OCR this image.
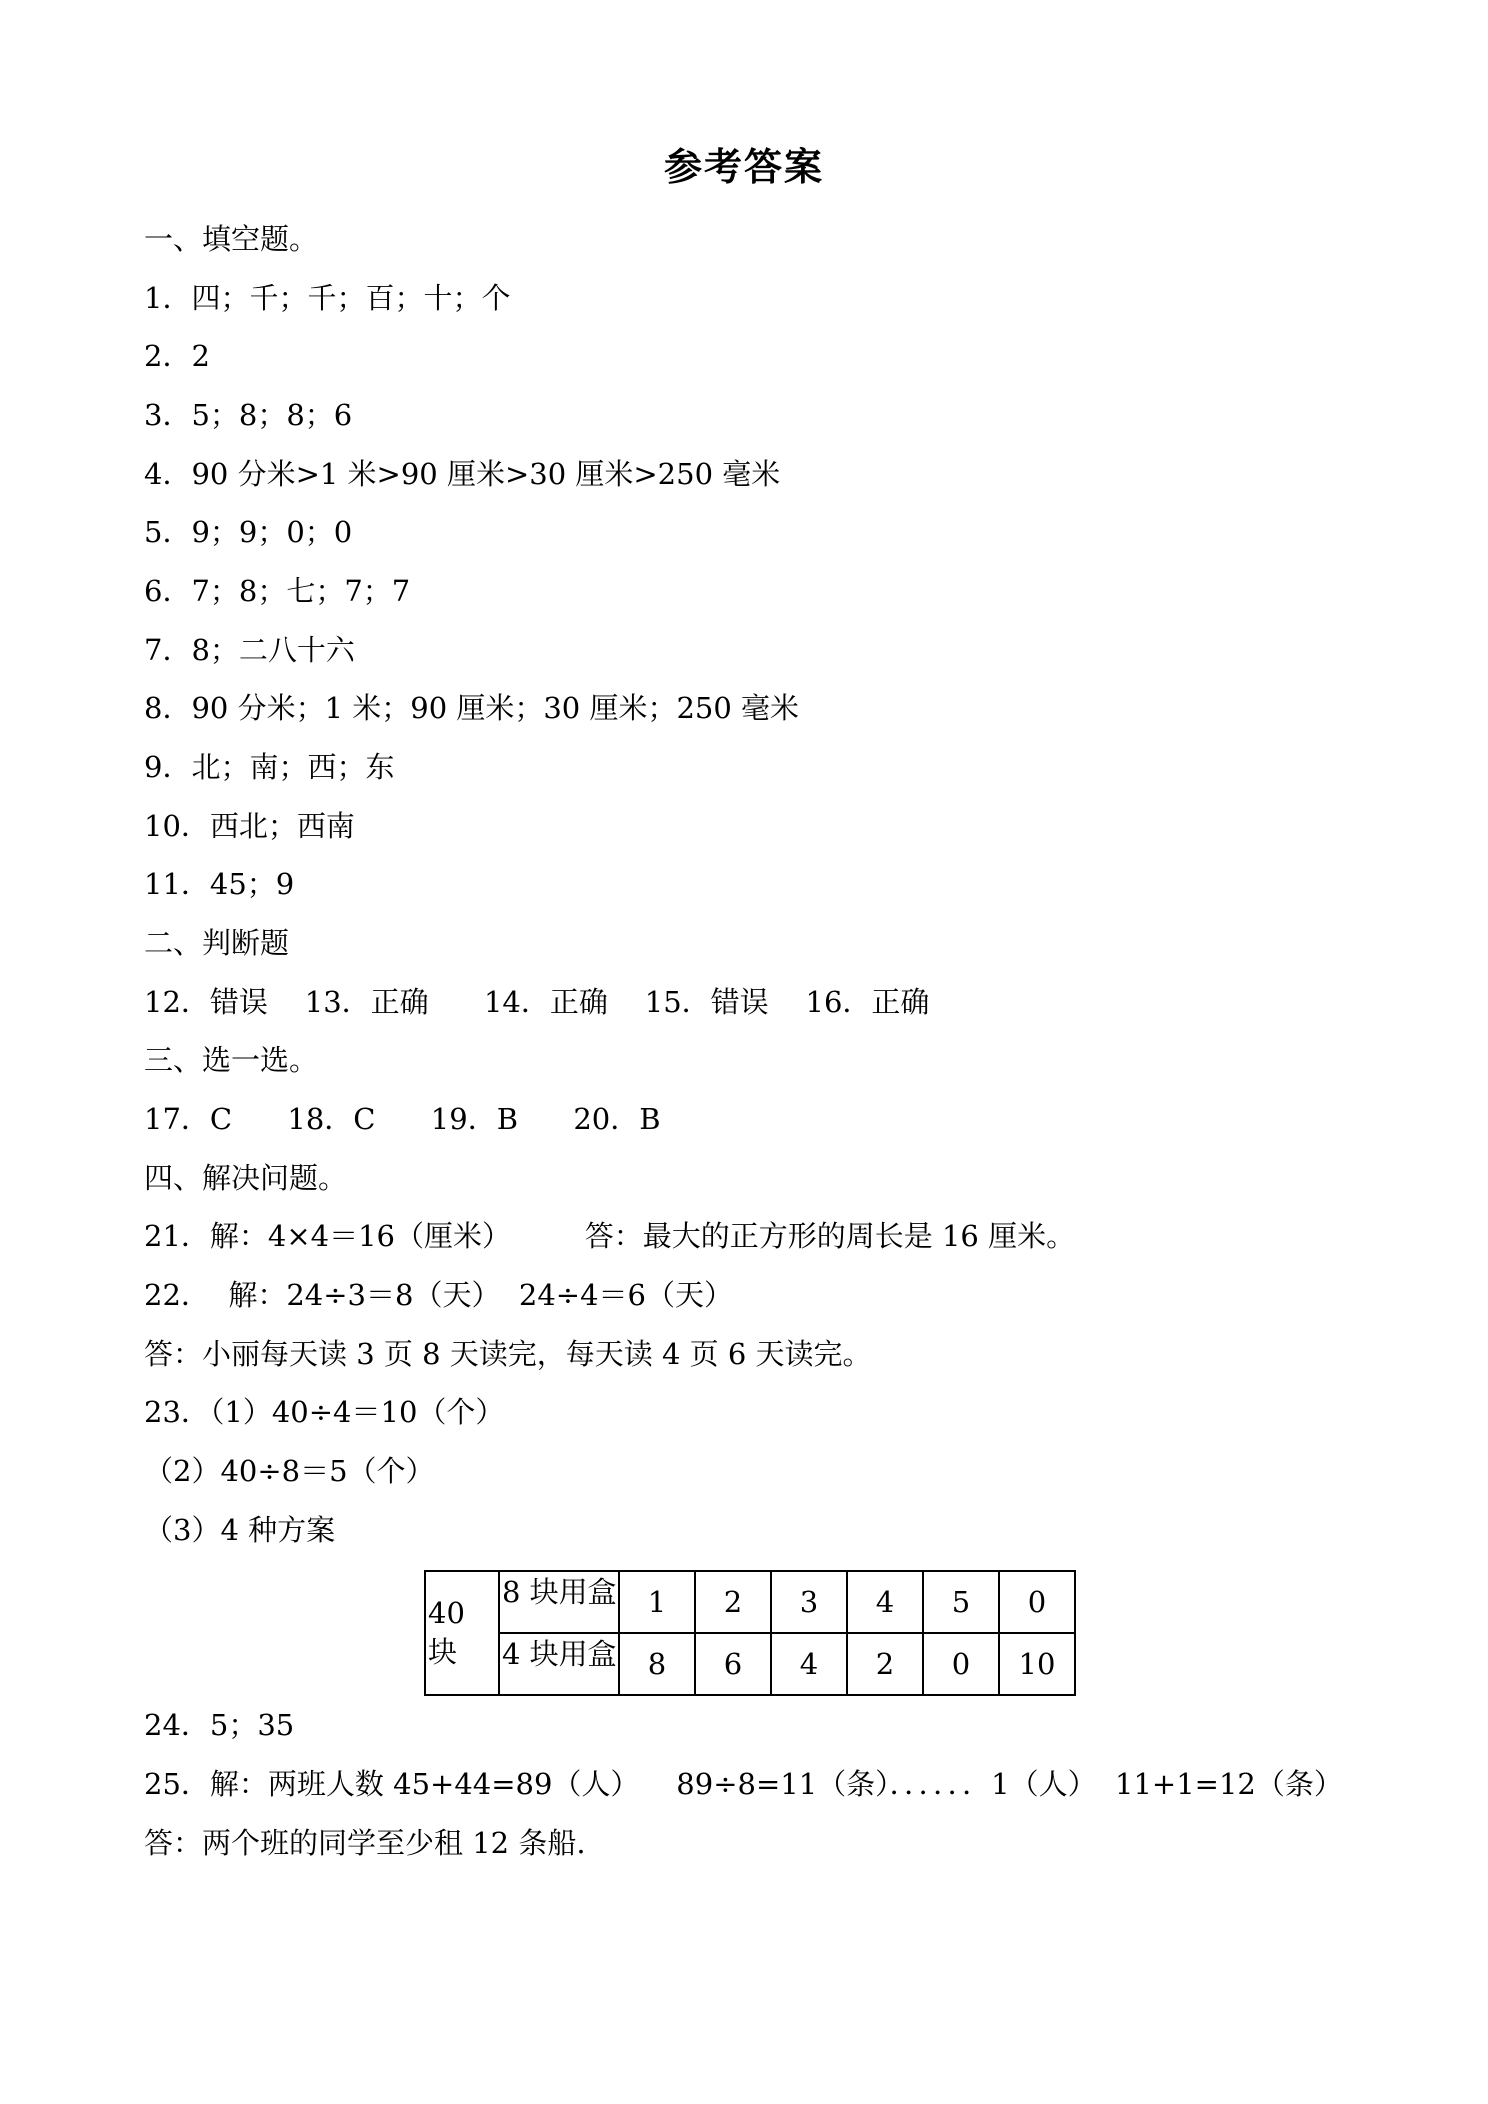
参考答案
一、填空题。
1．四；千；千；百；十；个
2．2
3．5；8；8；6
4．90 分米>1 米>90 厘米>30 厘米>250 毫米
5．9；9；0；0
6．7；8；七；7；7
7．8；二八十六
8．90 分米；1 米；90 厘米；30 厘米；250 毫米
9．北；南；西；东
10．西北；西南
11．45；9
二、判断题
12．错误    13．正确      14．正确    15．错误    16．正确
三、选一选。
17．C      18．C      19．B      20．B
四、解决问题。
21．解：4×4＝16（厘米）        答：最大的正方形的周长是 16 厘米。
22．  解：24÷3＝8（天）  24÷4＝6（天）
答：小丽每天读 3 页 8 天读完，每天读 4 页 6 天读完。
23．（1）40÷4＝10（个）
（2）40÷8＝5（个）
（3）4 种方案
40 块	8 块用盒	1	2	3	4	5	0
	4 块用盒	8	6	4	2	0	10
24．5；35
25．解：两班人数 45+44=89（人）    89÷8=11（条）．．．．．．1（人）  11+1=12（条）
答：两个班的同学至少租 12 条船.
